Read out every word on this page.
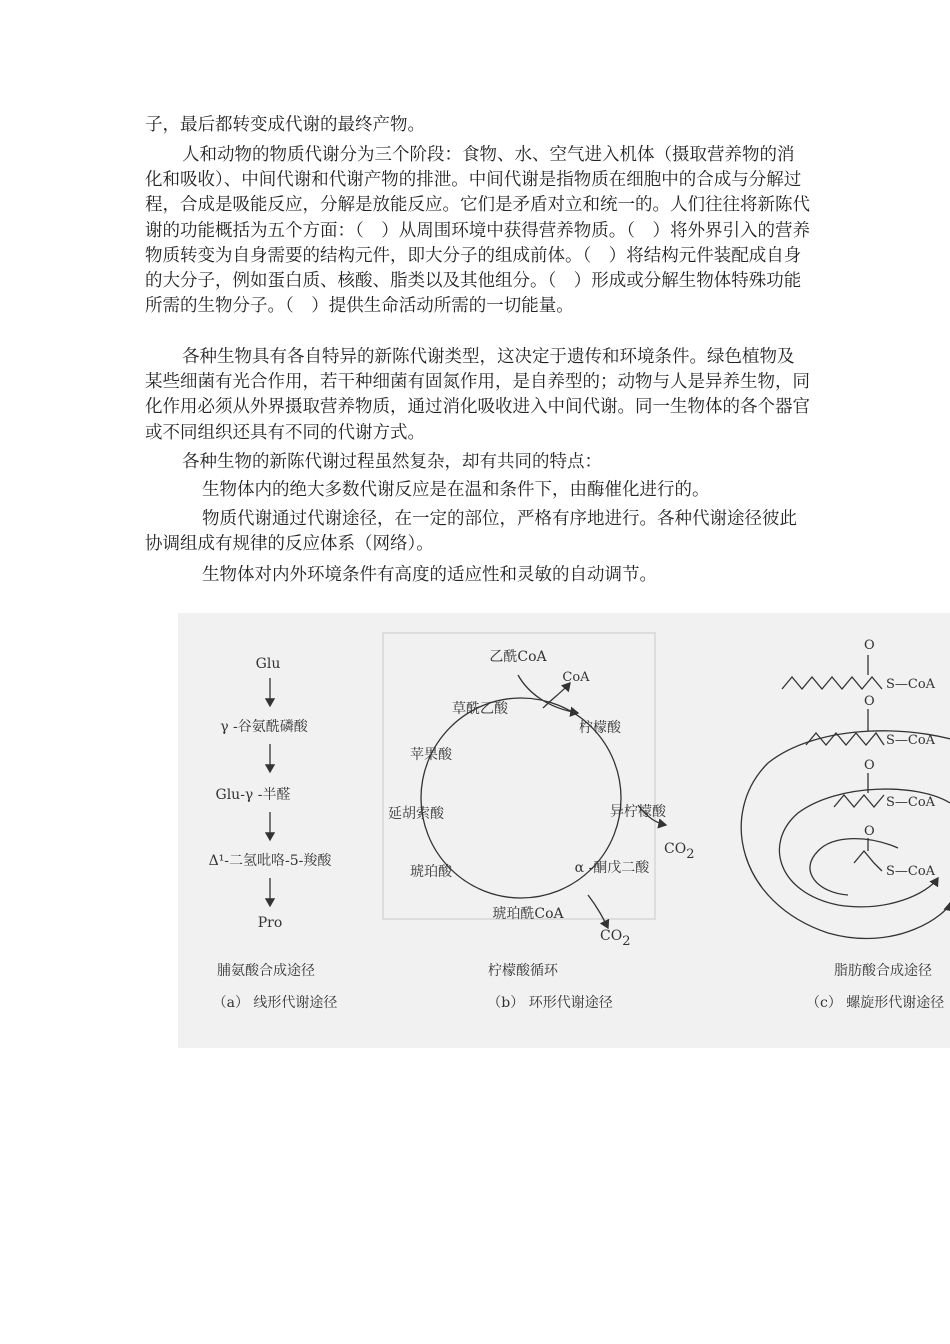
子，最后都转变成代谢的最终产物。

人和动物的物质代谢分为三个阶段：食物、水、空气进入机体（摄取营养物的消化和吸收）、中间代谢和代谢产物的排泄。中间代谢是指物质在细胞中的合成与分解过程，合成是吸能反应，分解是放能反应。它们是矛盾对立和统一的。人们往往将新陈代谢的功能概括为五个方面：（　）从周围环境中获得营养物质。（　）将外界引入的营养物质转变为自身需要的结构元件，即大分子的组成前体。（　）将结构元件装配成自身的大分子，例如蛋白质、核酸、脂类以及其他组分。（　）形成或分解生物体特殊功能所需的生物分子。（　）提供生命活动所需的一切能量。

各种生物具有各自特异的新陈代谢类型，这决定于遗传和环境条件。绿色植物及某些细菌有光合作用，若干种细菌有固氮作用，是自养型的；动物与人是异养生物，同化作用必须从外界摄取营养物质，通过消化吸收进入中间代谢。同一生物体的各个器官或不同组织还具有不同的代谢方式。

各种生物的新陈代谢过程虽然复杂，却有共同的特点：

生物体内的绝大多数代谢反应是在温和条件下，由酶催化进行的。

物质代谢通过代谢途径，在一定的部位，严格有序地进行。各种代谢途径彼此协调组成有规律的反应体系（网络）。

生物体对内外环境条件有高度的适应性和灵敏的自动调节。

Glu
γ -谷氨酰磷酸
Glu-γ -半醛
Δ¹-二氢吡咯-5-羧酸
Pro
脯氨酸合成途径
（a） 线形代谢途径
乙酰CoA
CoA
草酰乙酸
柠檬酸
苹果酸
异柠檬酸
延胡索酸
CO2
α -酮戊二酸
琥珀酸
琥珀酰CoA
CO2
柠檬酸循环
（b） 环形代谢途径
O
S—CoA
O
S—CoA
O
S—CoA
O
S—CoA
脂肪酸合成途径
（c） 螺旋形代谢途径
